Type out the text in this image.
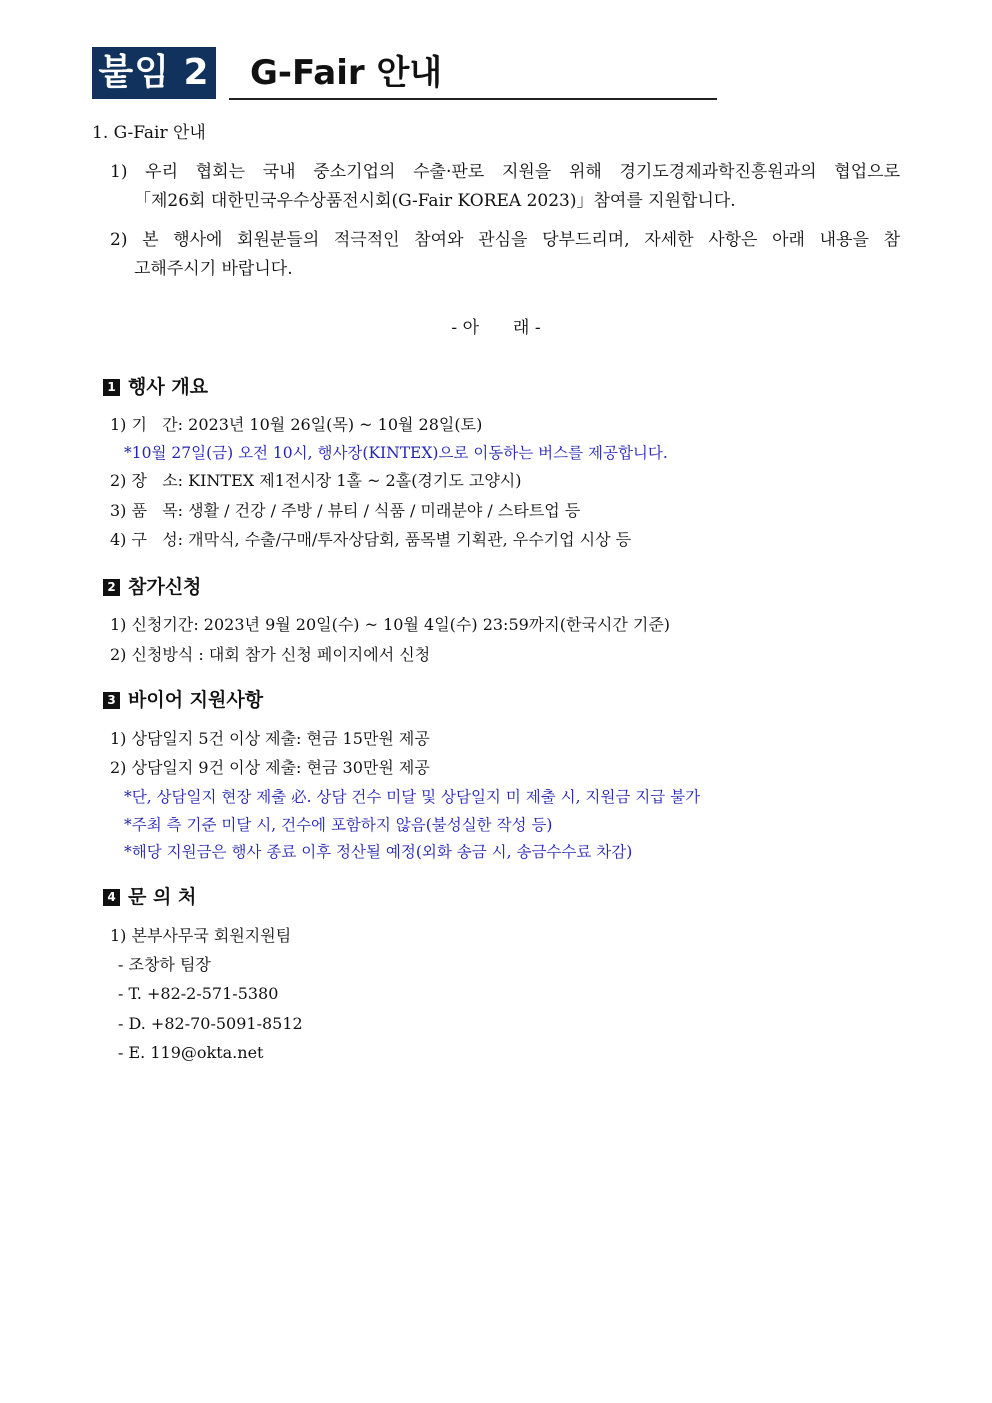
붙임 2 G-Fair 안내
1. G-Fair 안내
1) 우리 협회는 국내 중소기업의 수출·판로 지원을 위해 경기도경제과학진흥원과의 협업으로
「제26회 대한민국우수상품전시회(G-Fair KOREA 2023)」참여를 지원합니다.
2) 본 행사에 회원분들의 적극적인 참여와 관심을 당부드리며, 자세한 사항은 아래 내용을 참
고해주시기 바랍니다.
- 아　　래 -
1 행사 개요
1) 기   간: 2023년 10월 26일(목) ~ 10월 28일(토)
*10월 27일(금) 오전 10시, 행사장(KINTEX)으로 이동하는 버스를 제공합니다.
2) 장   소: KINTEX 제1전시장 1홀 ~ 2홀(경기도 고양시)
3) 품   목: 생활 / 건강 / 주방 / 뷰티 / 식품 / 미래분야 / 스타트업 등
4) 구   성: 개막식, 수출/구매/투자상담회, 품목별 기획관, 우수기업 시상 등
2 참가신청
1) 신청기간: 2023년 9월 20일(수) ~ 10월 4일(수) 23:59까지(한국시간 기준)
2) 신청방식 : 대회 참가 신청 페이지에서 신청
3 바이어 지원사항
1) 상담일지 5건 이상 제출: 현금 15만원 제공
2) 상담일지 9건 이상 제출: 현금 30만원 제공
*단, 상담일지 현장 제출 必. 상담 건수 미달 및 상담일지 미 제출 시, 지원금 지급 불가
*주최 측 기준 미달 시, 건수에 포함하지 않음(불성실한 작성 등)
*해당 지원금은 행사 종료 이후 정산될 예정(외화 송금 시, 송금수수료 차감)
4 문 의 처
1) 본부사무국 회원지원팀
- 조창하 팀장
- T. +82-2-571-5380
- D. +82-70-5091-8512
- E. 119@okta.net
